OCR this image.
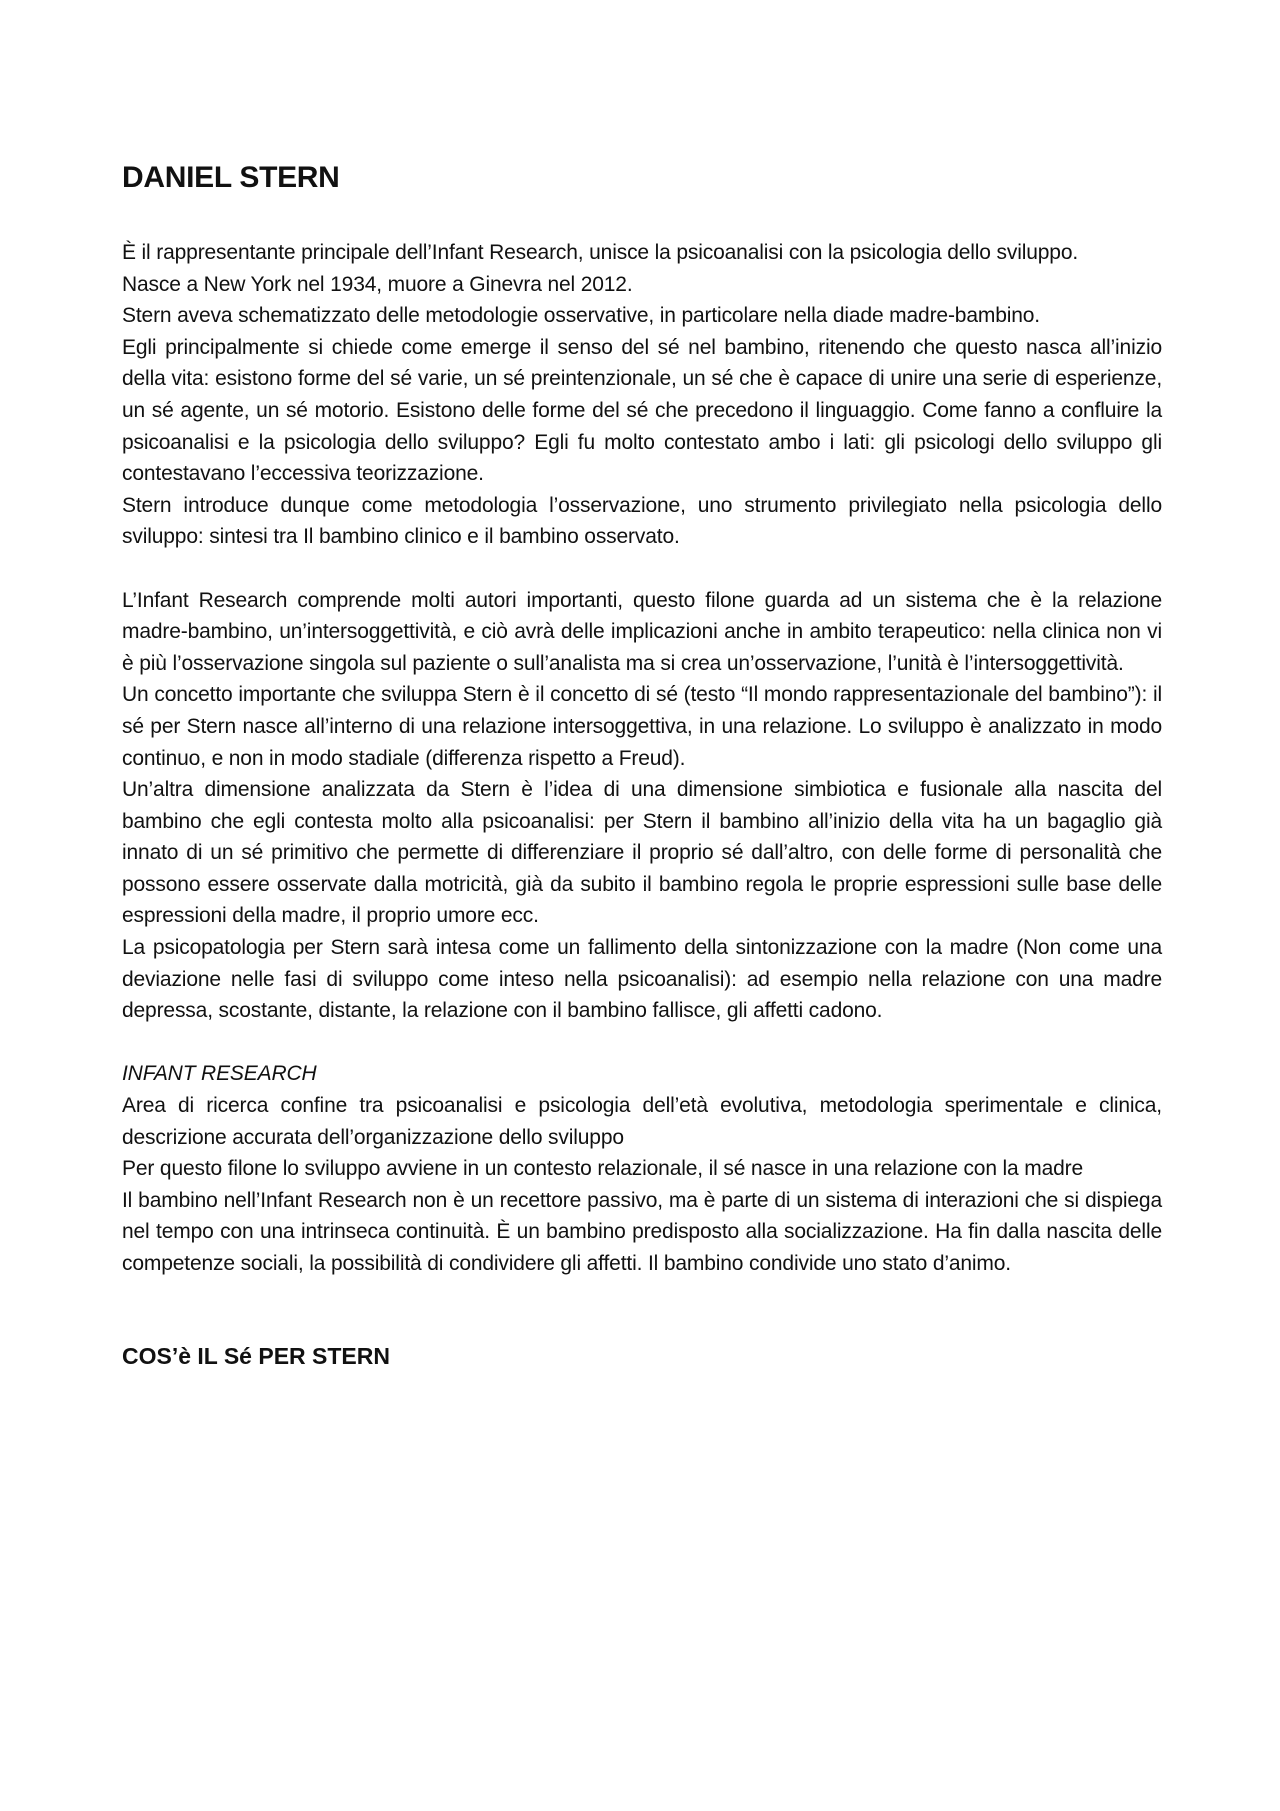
DANIEL STERN

È il rappresentante principale dell’Infant Research, unisce la psicoanalisi con la psicologia dello sviluppo.

Nasce a New York nel 1934, muore a Ginevra nel 2012.

Stern aveva schematizzato delle metodologie osservative, in particolare nella diade madre-bambino.

Egli principalmente si chiede come emerge il senso del sé nel bambino, ritenendo che questo nasca all’inizio della vita: esistono forme del sé varie, un sé preintenzionale, un sé che è capace di unire una serie di esperienze, un sé agente, un sé motorio. Esistono delle forme del sé che precedono il linguaggio. Come fanno a confluire la psicoanalisi e la psicologia dello sviluppo? Egli fu molto contestato ambo i lati: gli psicologi dello sviluppo gli contestavano l’eccessiva teorizzazione.

Stern introduce dunque come metodologia l’osservazione, uno strumento privilegiato nella psicologia dello sviluppo: sintesi tra Il bambino clinico e il bambino osservato.

L’Infant Research comprende molti autori importanti, questo filone guarda ad un sistema che è la relazione madre-bambino, un’intersoggettività, e ciò avrà delle implicazioni anche in ambito terapeutico: nella clinica non vi è più l’osservazione singola sul paziente o sull’analista ma si crea un’osservazione, l’unità è l’intersoggettività.

Un concetto importante che sviluppa Stern è il concetto di sé (testo “Il mondo rappresentazionale del bambino”): il sé per Stern nasce all’interno di una relazione intersoggettiva, in una relazione. Lo sviluppo è analizzato in modo continuo, e non in modo stadiale (differenza rispetto a Freud).

Un’altra dimensione analizzata da Stern è l’idea di una dimensione simbiotica e fusionale alla nascita del bambino che egli contesta molto alla psicoanalisi: per Stern il bambino all’inizio della vita ha un bagaglio già innato di un sé primitivo che permette di differenziare il proprio sé dall’altro, con delle forme di personalità che possono essere osservate dalla motricità, già da subito il bambino regola le proprie espressioni sulle base delle espressioni della madre, il proprio umore ecc.

La psicopatologia per Stern sarà intesa come un fallimento della sintonizzazione con la madre (Non come una deviazione nelle fasi di sviluppo come inteso nella psicoanalisi): ad esempio nella relazione con una madre depressa, scostante, distante, la relazione con il bambino fallisce, gli affetti cadono.

INFANT RESEARCH

Area di ricerca confine tra psicoanalisi e psicologia dell’età evolutiva, metodologia sperimentale e clinica, descrizione accurata dell’organizzazione dello sviluppo

Per questo filone lo sviluppo avviene in un contesto relazionale, il sé nasce in una relazione con la madre

Il bambino nell’Infant Research non è un recettore passivo, ma è parte di un sistema di interazioni che si dispiega nel tempo con una intrinseca continuità. È un bambino predisposto alla socializzazione. Ha fin dalla nascita delle competenze sociali, la possibilità di condividere gli affetti. Il bambino condivide uno stato d’animo.

COS’è IL Sé PER STERN
